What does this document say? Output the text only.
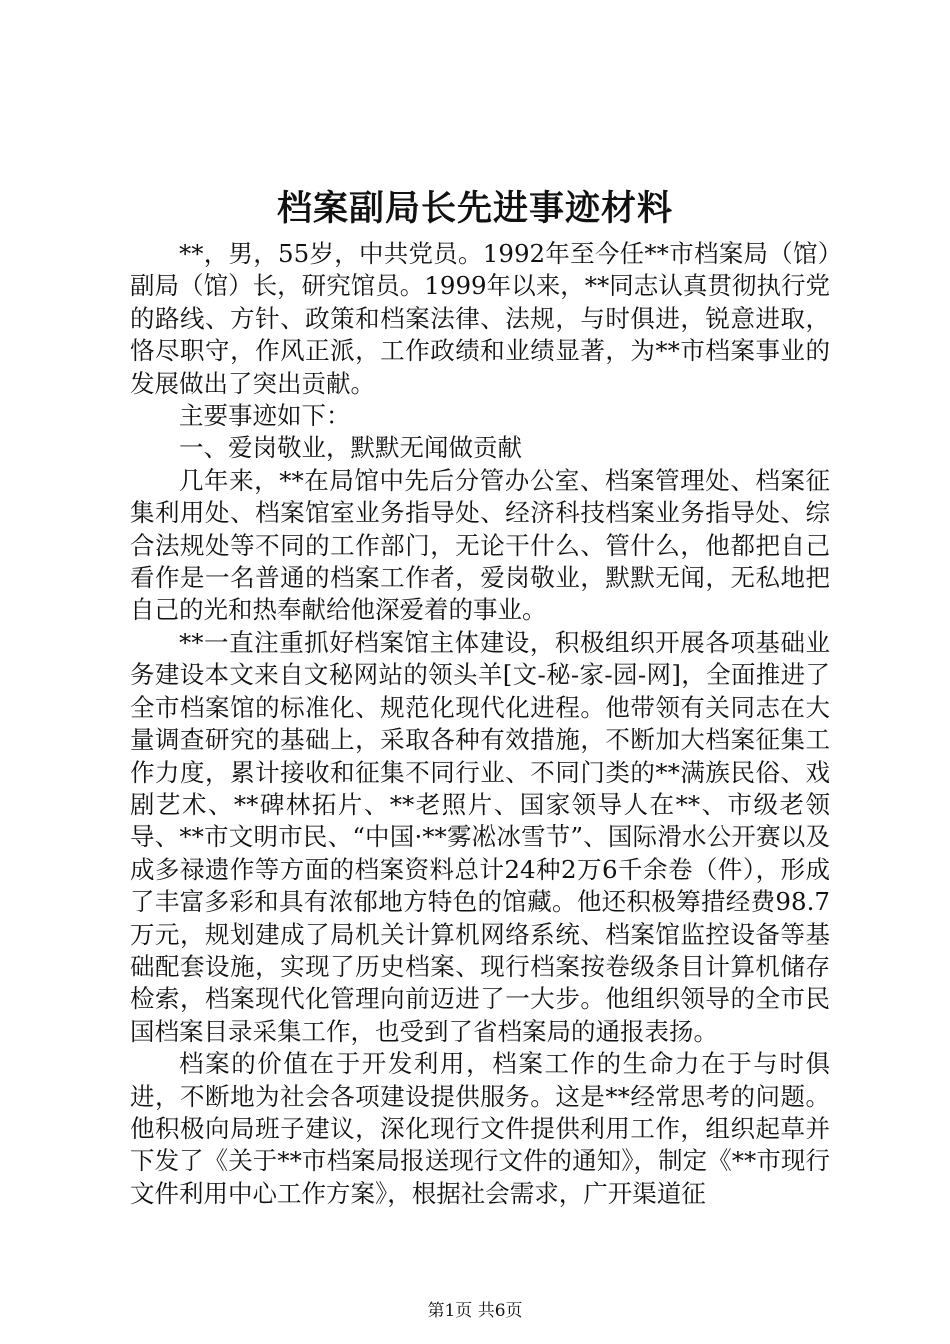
档案副局长先进事迹材料

**，男，55岁，中共党员。1992年至今任**市档案局（馆）副局（馆）长，研究馆员。1999年以来，**同志认真贯彻执行党的路线、方针、政策和档案法律、法规，与时俱进，锐意进取，恪尽职守，作风正派，工作政绩和业绩显著，为**市档案事业的发展做出了突出贡献。

主要事迹如下：

一、爱岗敬业，默默无闻做贡献

几年来，**在局馆中先后分管办公室、档案管理处、档案征集利用处、档案馆室业务指导处、经济科技档案业务指导处、综合法规处等不同的工作部门，无论干什么、管什么，他都把自己看作是一名普通的档案工作者，爱岗敬业，默默无闻，无私地把自己的光和热奉献给他深爱着的事业。

**一直注重抓好档案馆主体建设，积极组织开展各项基础业务建设本文来自文秘网站的领头羊[文-秘-家-园-网]，全面推进了全市档案馆的标准化、规范化现代化进程。他带领有关同志在大量调查研究的基础上，采取各种有效措施，不断加大档案征集工作力度，累计接收和征集不同行业、不同门类的**满族民俗、戏剧艺术、**碑林拓片、**老照片、国家领导人在**、市级老领导、**市文明市民、“中国·**雾凇冰雪节”、国际滑水公开赛以及成多禄遗作等方面的档案资料总计24种2万6千余卷（件），形成了丰富多彩和具有浓郁地方特色的馆藏。他还积极筹措经费98.7万元，规划建成了局机关计算机网络系统、档案馆监控设备等基础配套设施，实现了历史档案、现行档案按卷级条目计算机储存检索，档案现代化管理向前迈进了一大步。他组织领导的全市民国档案目录采集工作，也受到了省档案局的通报表扬。

档案的价值在于开发利用，档案工作的生命力在于与时俱进，不断地为社会各项建设提供服务。这是**经常思考的问题。他积极向局班子建议，深化现行文件提供利用工作，组织起草并下发了《关于**市档案局报送现行文件的通知》，制定《**市现行文件利用中心工作方案》，根据社会需求，广开渠道征

第1页 共6页
